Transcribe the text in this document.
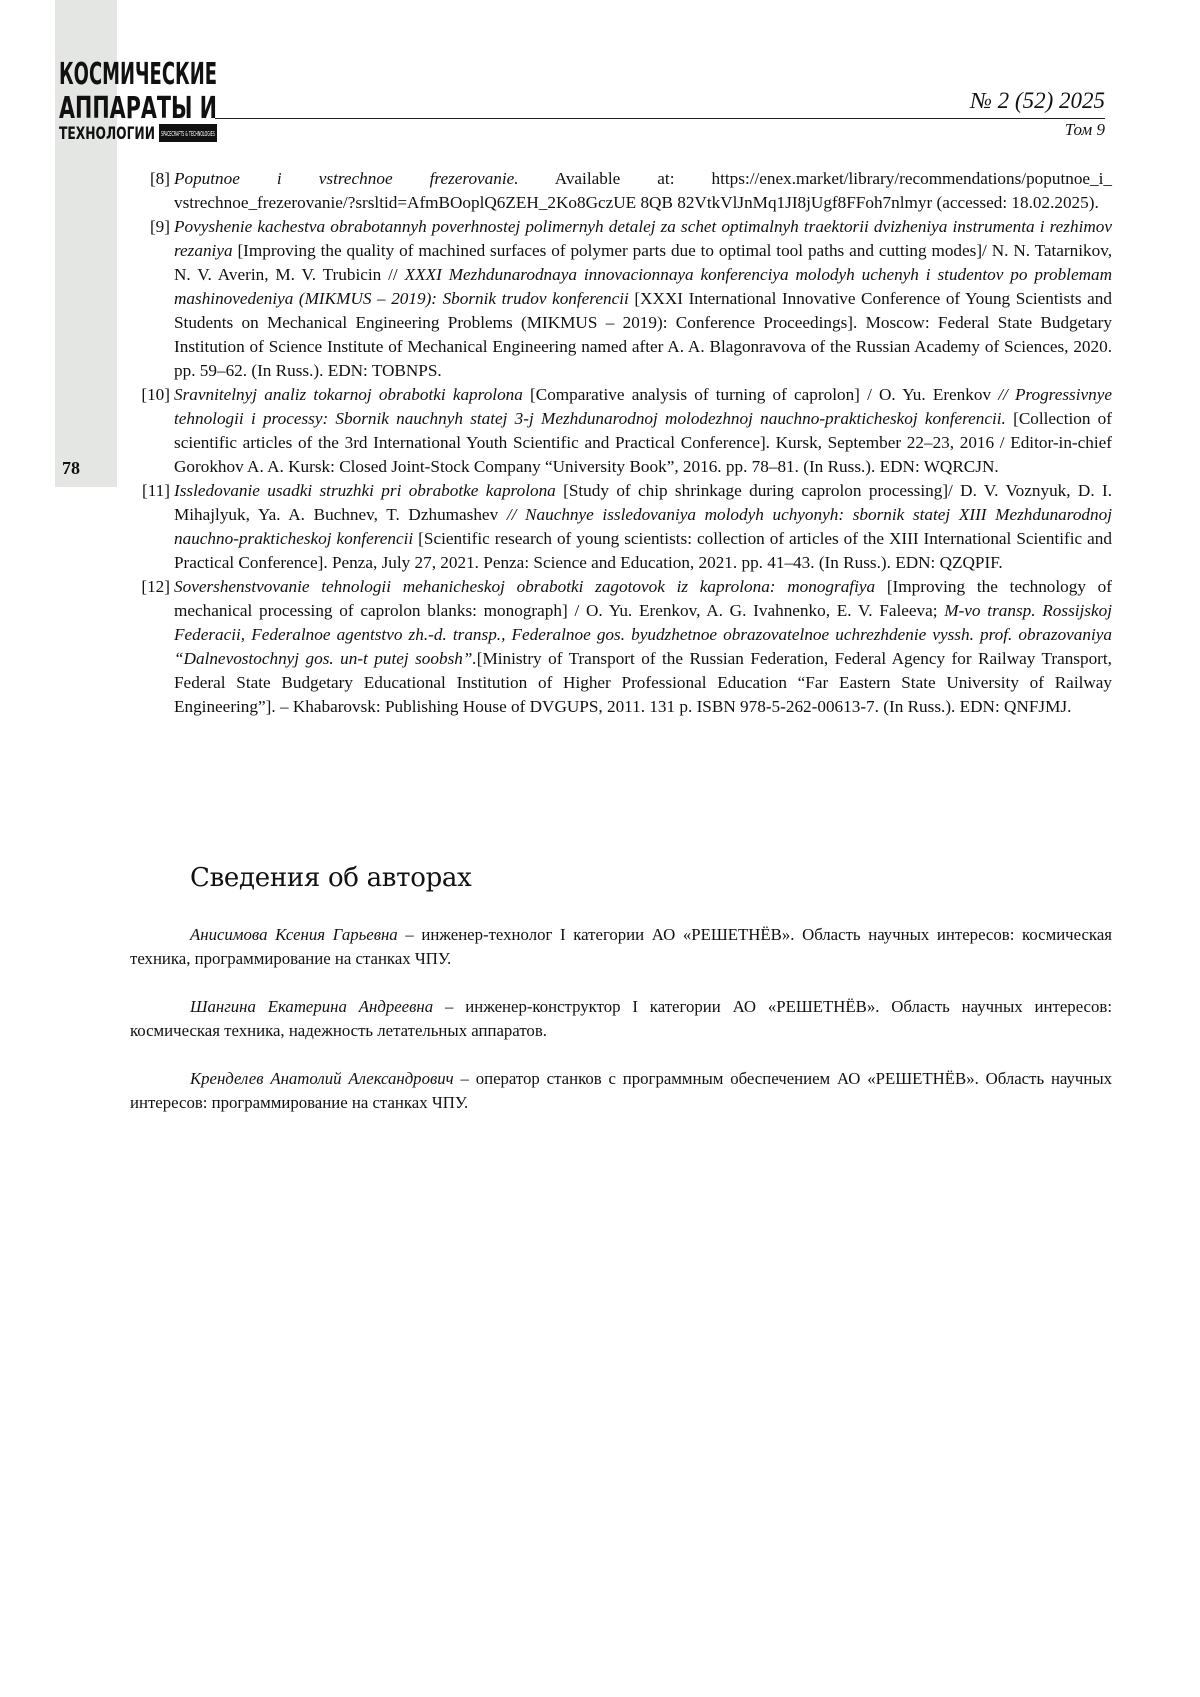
78
КОСМИЧЕСКИЕ
АППАРАТЫ И
ТЕХНОЛОГИИ
SPACECRAFTS & TECHNOLOGIES
№ 2 (52) 2025
Том 9
[8] Poputnoe i vstrechnoe frezerovanie. Available at: https://enex.market/library/recommendations/poputnoe_i_
vstrechnoe_frezerovanie/?srsltid=AfmBOoplQ6ZEH_2Ko8GczUE 8QB 82VtkVlJnMq1JI8jUgf8FFoh7nlmyr (accessed: 18.02.2025).
[9] Povyshenie kachestva obrabotannyh poverhnostej polimernyh detalej za schet optimalnyh traektorii dvizheniya instrumenta i rezhimov rezaniya [Improving the quality of machined surfaces of polymer parts due to optimal tool paths and cutting modes]/ N. N. Tatarnikov, N. V. Averin, M. V. Trubicin // XXXI Mezhdunarodnaya innovacionnaya konferenciya molodyh uchenyh i studentov po problemam mashinovedeniya (MIKMUS – 2019): Sbornik trudov konferencii [XXXI International Innovative Conference of Young Scientists and Students on Mechanical Engineering Problems (MIKMUS – 2019): Conference Proceedings]. Moscow: Federal State Budgetary Institution of Science Institute of Mechanical Engineering named after A. A. Blagonravova of the Russian Academy of Sciences, 2020. pp. 59–62. (In Russ.). EDN: TOBNPS.
[10] Sravnitelnyj analiz tokarnoj obrabotki kaprolona [Comparative analysis of turning of caprolon] / O. Yu. Erenkov // Progressivnye tehnologii i processy: Sbornik nauchnyh statej 3-j Mezhdunarodnoj molodezhnoj nauchno-prakticheskoj konferencii. [Collection of scientific articles of the 3rd International Youth Scientific and Practical Conference]. Kursk, September 22–23, 2016 / Editor-in-chief Gorokhov A. A. Kursk: Closed Joint-Stock Company “University Book”, 2016. pp. 78–81. (In Russ.). EDN: WQRCJN.
[11] Issledovanie usadki struzhki pri obrabotke kaprolona [Study of chip shrinkage during caprolon processing]/ D. V. Voznyuk, D. I. Mihajlyuk, Ya. A. Buchnev, T. Dzhumashev // Nauchnye issledovaniya molodyh uchyonyh: sbornik statej XIII Mezhdunarodnoj nauchno-prakticheskoj konferencii [Scientific research of young scientists: collection of articles of the XIII International Scientific and Practical Conference]. Penza, July 27, 2021. Penza: Science and Education, 2021. pp. 41–43. (In Russ.). EDN: QZQPIF.
[12] Sovershenstvovanie tehnologii mehanicheskoj obrabotki zagotovok iz kaprolona: monografiya [Improving the technology of mechanical processing of caprolon blanks: monograph] / O. Yu. Erenkov, A. G. Ivahnenko, E. V. Faleeva; M-vo transp. Rossijskoj Federacii, Federalnoe agentstvo zh.-d. transp., Federalnoe gos. byudzhetnoe obrazovatelnoe uchrezhdenie vyssh. prof. obrazovaniya “Dalnevostochnyj gos. un-t putej soobsh”.[Ministry of Transport of the Russian Federation, Federal Agency for Railway Transport, Federal State Budgetary Educational Institution of Higher Professional Education “Far Eastern State University of Railway Engineering”]. – Khabarovsk: Publishing House of DVGUPS, 2011. 131 p. ISBN 978-5-262-00613-7. (In Russ.). EDN: QNFJMJ.
Сведения об авторах

Анисимова Ксения Гарьевна – инженер-технолог I категории АО «РЕШЕТНЁВ». Область научных интересов: космическая техника, программирование на станках ЧПУ.

Шангина Екатерина Андреевна – инженер-конструктор I категории АО «РЕШЕТНЁВ». Область научных интересов: космическая техника, надежность летательных аппаратов.

Кренделев Анатолий Александрович – оператор станков с программным обеспечением АО «РЕШЕТНЁВ». Область научных интересов: программирование на станках ЧПУ.
